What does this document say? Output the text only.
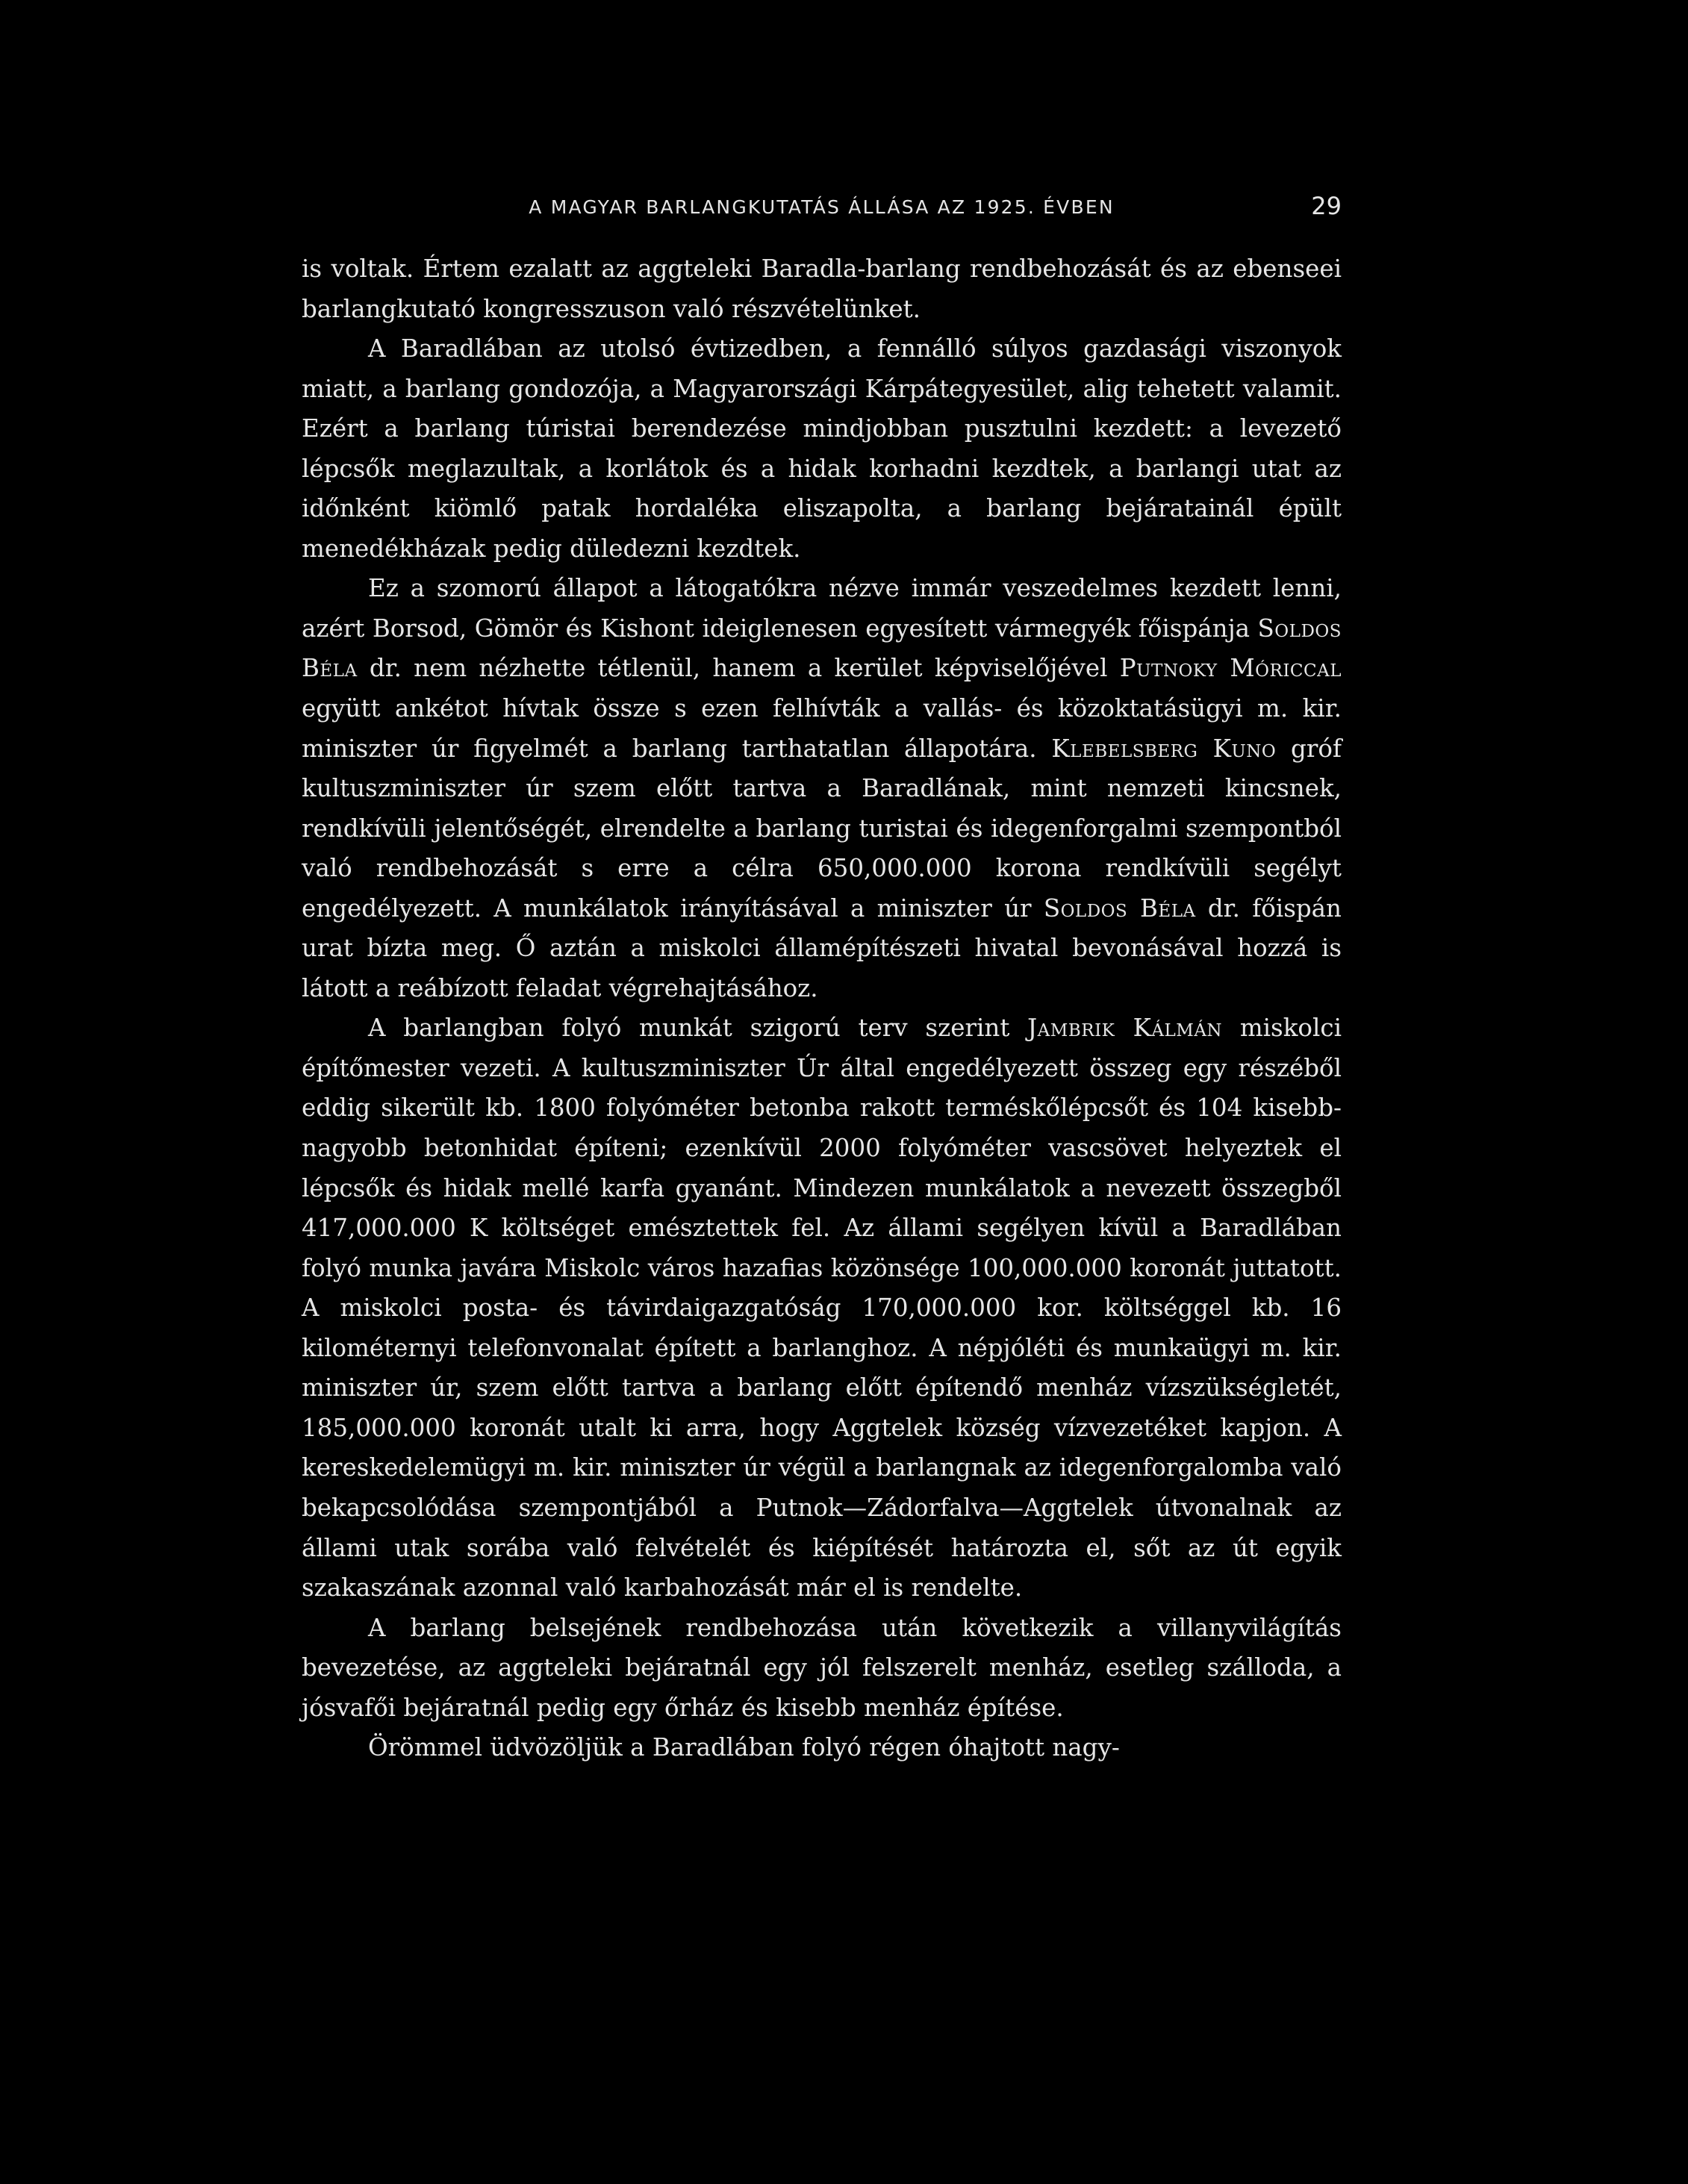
A MAGYAR BARLANGKUTATÁS ÁLLÁSA AZ 1925. ÉVBEN	29

is voltak. Értem ezalatt az aggteleki Baradla-barlang rendbehozását és az ebenseei barlangkutató kongresszuson való részvételünket.

A Baradlában az utolsó évtizedben, a fennálló súlyos gazdasági viszonyok miatt, a barlang gondozója, a Magyarországi Kárpátegyesület, alig tehetett valamit. Ezért a barlang túristai berendezése mindjobban pusztulni kezdett: a levezető lépcsők meglazultak, a korlátok és a hidak korhadni kezdtek, a barlangi utat az időnként kiömlő patak hordaléka eliszapolta, a barlang bejáratainál épült menedékházak pedig düledezni kezdtek.

Ez a szomorú állapot a látogatókra nézve immár veszedelmes kezdett lenni, azért Borsod, Gömör és Kishont ideiglenesen egyesített vármegyék főispánja Soldos Béla dr. nem nézhette tétlenül, hanem a kerület képviselőjével Putnoky Móriccal együtt ankétot hívtak össze s ezen felhívták a vallás- és közoktatásügyi m. kir. miniszter úr figyelmét a barlang tarthatatlan állapotára. Klebelsberg Kuno gróf kultuszminiszter úr szem előtt tartva a Baradlának, mint nemzeti kincsnek, rendkívüli jelentőségét, elrendelte a barlang turistai és idegenforgalmi szempontból való rendbehozását s erre a célra 650,000.000 korona rendkívüli segélyt engedélyezett. A munkálatok irányításával a miniszter úr Soldos Béla dr. főispán urat bízta meg. Ő aztán a miskolci államépítészeti hivatal bevonásával hozzá is látott a reábízott feladat végrehajtásához.

A barlangban folyó munkát szigorú terv szerint Jambrik Kálmán miskolci építőmester vezeti. A kultuszminiszter Úr által engedélyezett összeg egy részéből eddig sikerült kb. 1800 folyóméter betonba rakott terméskőlépcsőt és 104 kisebb-nagyobb betonhidat építeni; ezenkívül 2000 folyóméter vascsövet helyeztek el lépcsők és hidak mellé karfa gyanánt. Mindezen munkálatok a nevezett összegből 417,000.000 K költséget emésztettek fel. Az állami segélyen kívül a Baradlában folyó munka javára Miskolc város hazafias közönsége 100,000.000 koronát juttatott. A miskolci posta- és távirdaigazgatóság 170,000.000 kor. költséggel kb. 16 kilométernyi telefonvonalat épített a barlanghoz. A népjóléti és munkaügyi m. kir. miniszter úr, szem előtt tartva a barlang előtt építendő menház vízszükségletét, 185,000.000 koronát utalt ki arra, hogy Aggtelek község vízvezetéket kapjon. A kereskedelemügyi m. kir. miniszter úr végül a barlangnak az idegenforgalomba való bekapcsolódása szempontjából a Putnok—Zádorfalva—Aggtelek útvonalnak az állami utak sorába való felvételét és kiépítését határozta el, sőt az út egyik szakaszának azonnal való karbahozását már el is rendelte.

A barlang belsejének rendbehozása után következik a villanyvilágítás bevezetése, az aggteleki bejáratnál egy jól felszerelt menház, esetleg szálloda, a jósvafői bejáratnál pedig egy őrház és kisebb menház építése.

Örömmel üdvözöljük a Baradlában folyó régen óhajtott nagy-
